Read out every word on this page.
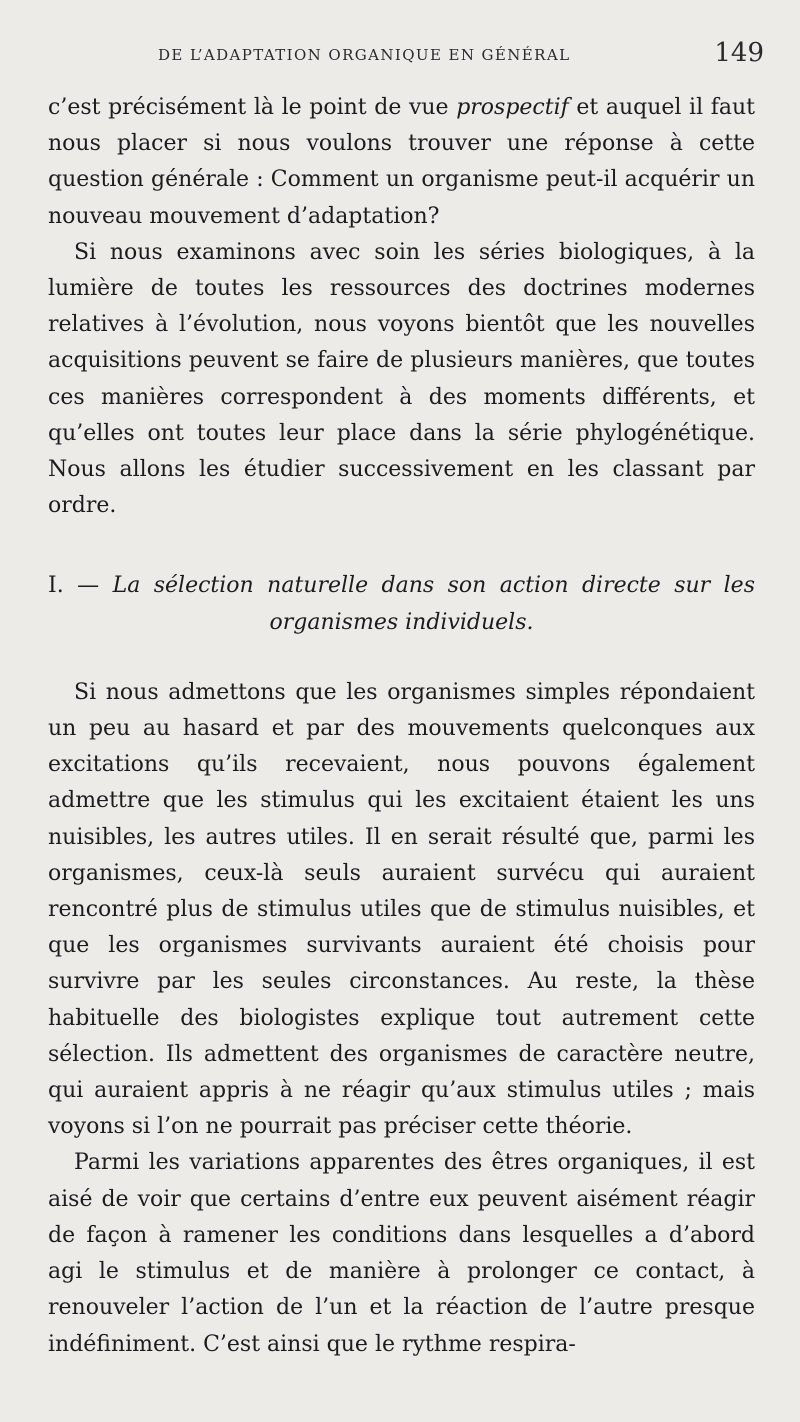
DE L’ADAPTATION ORGANIQUE EN GÉNÉRAL	149

c’est précisément là le point de vue prospectif et auquel il faut nous placer si nous voulons trouver une réponse à cette question générale : Comment un organisme peut-il acquérir un nouveau mouvement d’adaptation?

Si nous examinons avec soin les séries biologiques, à la lumière de toutes les ressources des doctrines modernes relatives à l’évolution, nous voyons bientôt que les nouvelles acquisitions peuvent se faire de plusieurs manières, que toutes ces manières correspondent à des moments différents, et qu’elles ont toutes leur place dans la série phylogénétique. Nous allons les étudier successivement en les classant par ordre.

I. — La sélection naturelle dans son action directe sur les
organismes individuels.

Si nous admettons que les organismes simples répondaient un peu au hasard et par des mouvements quelconques aux excitations qu’ils recevaient, nous pouvons également admettre que les stimulus qui les excitaient étaient les uns nuisibles, les autres utiles. Il en serait résulté que, parmi les organismes, ceux-là seuls auraient survécu qui auraient rencontré plus de stimulus utiles que de stimulus nuisibles, et que les organismes survivants auraient été choisis pour survivre par les seules circonstances. Au reste, la thèse habituelle des biologistes explique tout autrement cette sélection. Ils admettent des organismes de caractère neutre, qui auraient appris à ne réagir qu’aux stimulus utiles ; mais voyons si l’on ne pourrait pas préciser cette théorie.

Parmi les variations apparentes des êtres organiques, il est aisé de voir que certains d’entre eux peuvent aisément réagir de façon à ramener les conditions dans lesquelles a d’abord agi le stimulus et de manière à prolonger ce contact, à renouveler l’action de l’un et la réaction de l’autre presque indéfiniment. C’est ainsi que le rythme respira-
